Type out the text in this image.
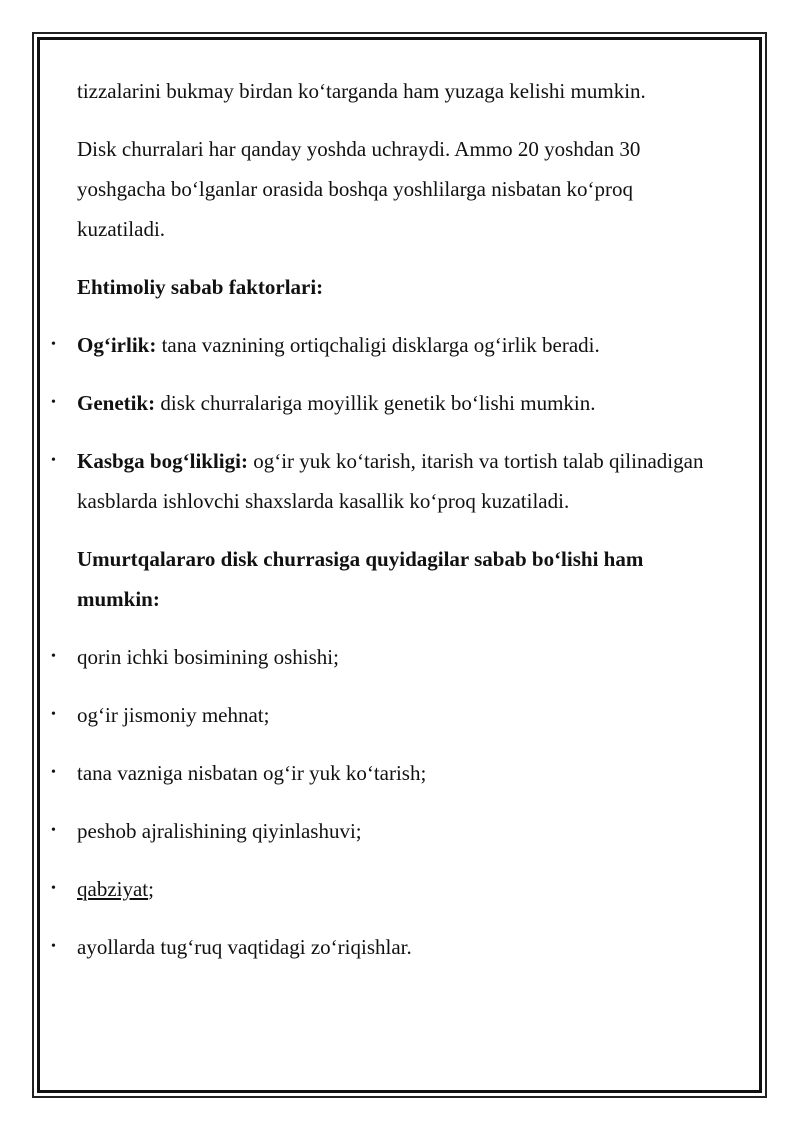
tizzalarini bukmay birdan ko‘targanda ham yuzaga kelishi mumkin.

Disk churralari har qanday yoshda uchraydi. Ammo 20 yoshdan 30 yoshgacha bo‘lganlar orasida boshqa yoshlilarga nisbatan ko‘proq kuzatiladi.

Ehtimoliy sabab faktorlari:

• Og‘irlik: tana vaznining ortiqchaligi disklarga og‘irlik beradi.
• Genetik: disk churralariga moyillik genetik bo‘lishi mumkin.
• Kasbga bog‘likligi: og‘ir yuk ko‘tarish, itarish va tortish talab qilinadigan kasblarda ishlovchi shaxslarda kasallik ko‘proq kuzatiladi.

Umurtqalararo disk churrasiga quyidagilar sabab bo‘lishi ham mumkin:

• qorin ichki bosimining oshishi;
• og‘ir jismoniy mehnat;
• tana vazniga nisbatan og‘ir yuk ko‘tarish;
• peshob ajralishining qiyinlashuvi;
• qabziyat;
• ayollarda tug‘ruq vaqtidagi zo‘riqishlar.
